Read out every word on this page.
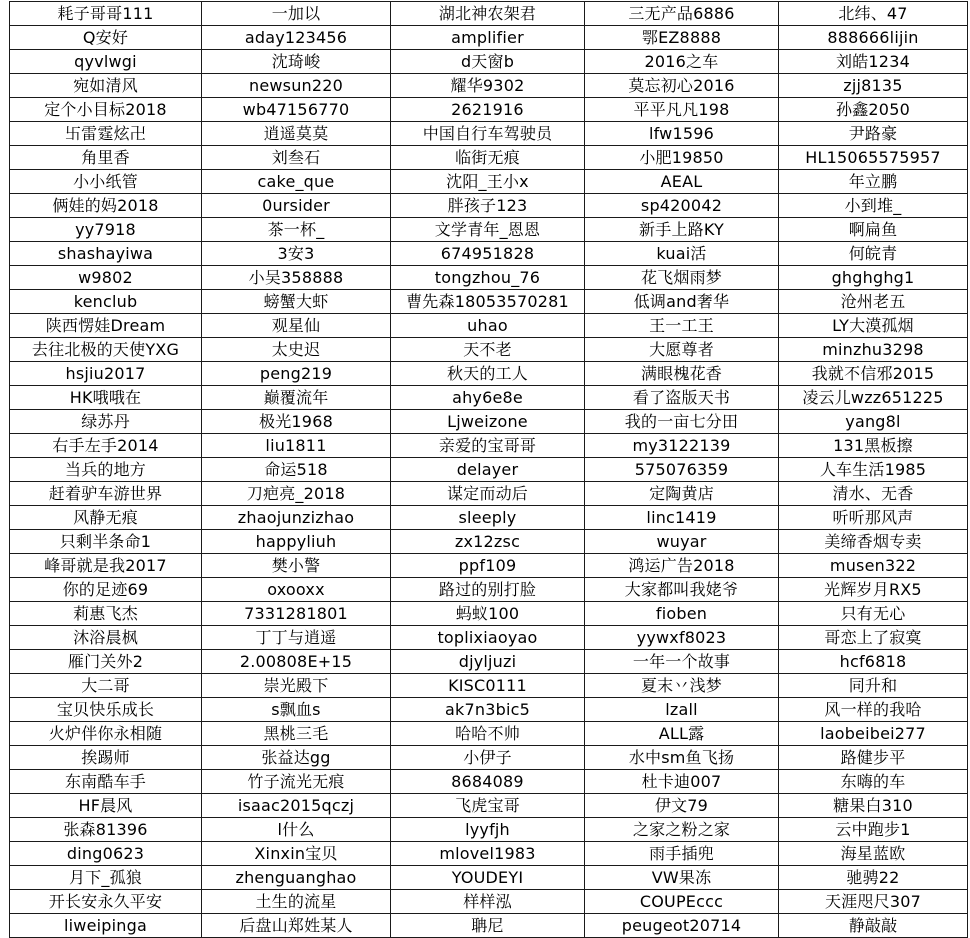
耗子哥哥111	一加以	湖北神农架君	三无产品6886	北纬、47
Q安好	aday123456	amplifier	鄂EZ8888	888666lijin
qyvlwgi	沈琦峻	d天窗b	2016之车	刘皓1234
宛如清风	newsun220	耀华9302	莫忘初心2016	zjj8135
定个小目标2018	wb47156770	2621916	平平凡凡198	孙鑫2050
卐雷霆炫卍	逍遥莫莫	中国自行车驾驶员	lfw1596	尹路豪
角里香	刘叁石	临街无痕	小肥19850	HL15065575957
小小纸管	cake_que	沈阳_王小x	AEAL	年立鹏
俩娃的妈2018	0ursider	胖孩子123	sp420042	小到堆_
yy7918	茶一杯_	文学青年_恩恩	新手上路KY	啊扁鱼
shashayiwa	3安3	674951828	kuai活	何皖青
w9802	小吴358888	tongzhou_76	花飞烟雨梦	ghghghg1
kenclub	螃蟹大虾	曹先森18053570281	低调and奢华	沧州老五
陕西愣娃Dream	观星仙	uhao	王一工王	LY大漠孤烟
去往北极的天使YXG	太史迟	天不老	大愿尊者	minzhu3298
hsjiu2017	peng219	秋天的工人	满眼槐花香	我就不信邪2015
HK哦哦在	巅覆流年	ahy6e8e	看了盗版天书	凌云儿wzz651225
绿苏丹	极光1968	Ljweizone	我的一亩七分田	yang8l
右手左手2014	liu1811	亲爱的宝哥哥	my3122139	131黑板擦
当兵的地方	命运518	delayer	575076359	人车生活1985
赶着驴车游世界	刀疤亮_2018	谋定而动后	定陶黄店	清水、无香
风静无痕	zhaojunzizhao	sleeply	linc1419	听听那风声
只剩半条命1	happyliuh	zx12zsc	wuyar	美缔香烟专卖
峰哥就是我2017	樊小警	ppf109	鸿运广告2018	musen322
你的足迹69	oxooxx	路过的别打脸	大家都叫我姥爷	光辉岁月RX5
莉惠飞杰	7331281801	蚂蚁100	fioben	只有无心
沐浴晨枫	丁丁与逍遥	toplixiaoyao	yywxf8023	哥恋上了寂寞
雁门关外2	2.00808E+15	djyljuzi	一年一个故事	hcf6818
大二哥	崇光殿下	KISC0111	夏末丷浅梦	同升和
宝贝快乐成长	s飘血s	ak7n3bic5	lzall	风一样的我哈
火炉伴你永相随	黑桃三毛	哈哈不帅	ALL露	laobeibei277
挨踢师	张益达gg	小伊子	水中sm鱼飞扬	路健步平
东南酷车手	竹子流光无痕	8684089	杜卡迪007	东嗨的车
HF晨风	isaac2015qczj	飞虎宝哥	伊文79	糖果白310
张森81396	l什么	lyyfjh	之家之粉之家	云中跑步1
ding0623	Xinxin宝贝	mlovel1983	雨手插兜	海星蓝欧
月下_孤狼	zhenguanghao	YOUDEYI	VW果冻	驰骋22
开长安永久平安	土生的流星	样样泓	COUPEccc	天涯咫尺307
liweipinga	后盘山郑姓某人	聃尼	peugeot20714	静敲敲
